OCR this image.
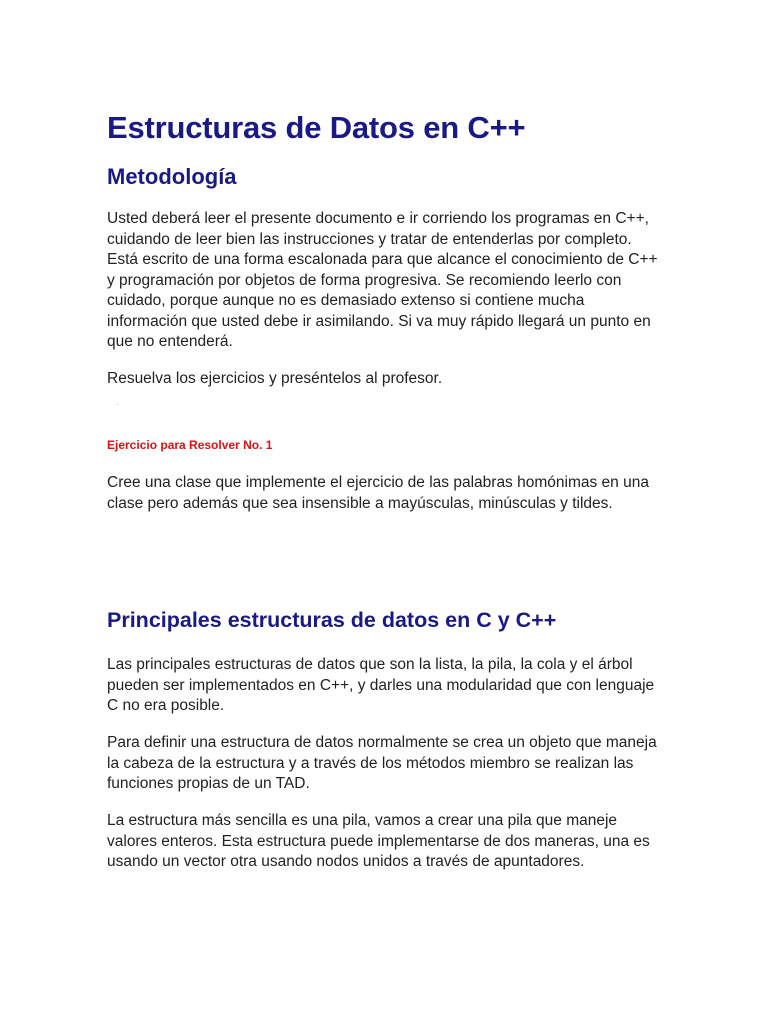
Estructuras de Datos en C++
Metodología

Usted deberá leer el presente documento e ir corriendo los programas en C++, cuidando de leer bien las instrucciones y tratar de entenderlas por completo. Está escrito de una forma escalonada para que alcance el conocimiento de C++ y programación por objetos de forma progresiva. Se recomiendo leerlo con cuidado, porque aunque no es demasiado extenso si contiene mucha información que usted debe ir asimilando. Si va muy rápido llegará un punto en que no entenderá.

Resuelva los ejercicios y preséntelos al profesor.

Ejercicio para Resolver No. 1

Cree una clase que implemente el ejercicio de las palabras homónimas en una clase pero además que sea insensible a mayúsculas, minúsculas y tildes.

Principales estructuras de datos en C y C++

Las principales estructuras de datos que son la lista, la pila, la cola y el árbol pueden ser implementados en C++, y darles una modularidad que con lenguaje C no era posible.

Para definir una estructura de datos normalmente se crea un objeto que maneja la cabeza de la estructura y a través de los métodos miembro se realizan las funciones propias de un TAD.

La estructura más sencilla es una pila, vamos a crear una pila que maneje valores enteros. Esta estructura puede implementarse de dos maneras, una es usando un vector otra usando nodos unidos a través de apuntadores.
